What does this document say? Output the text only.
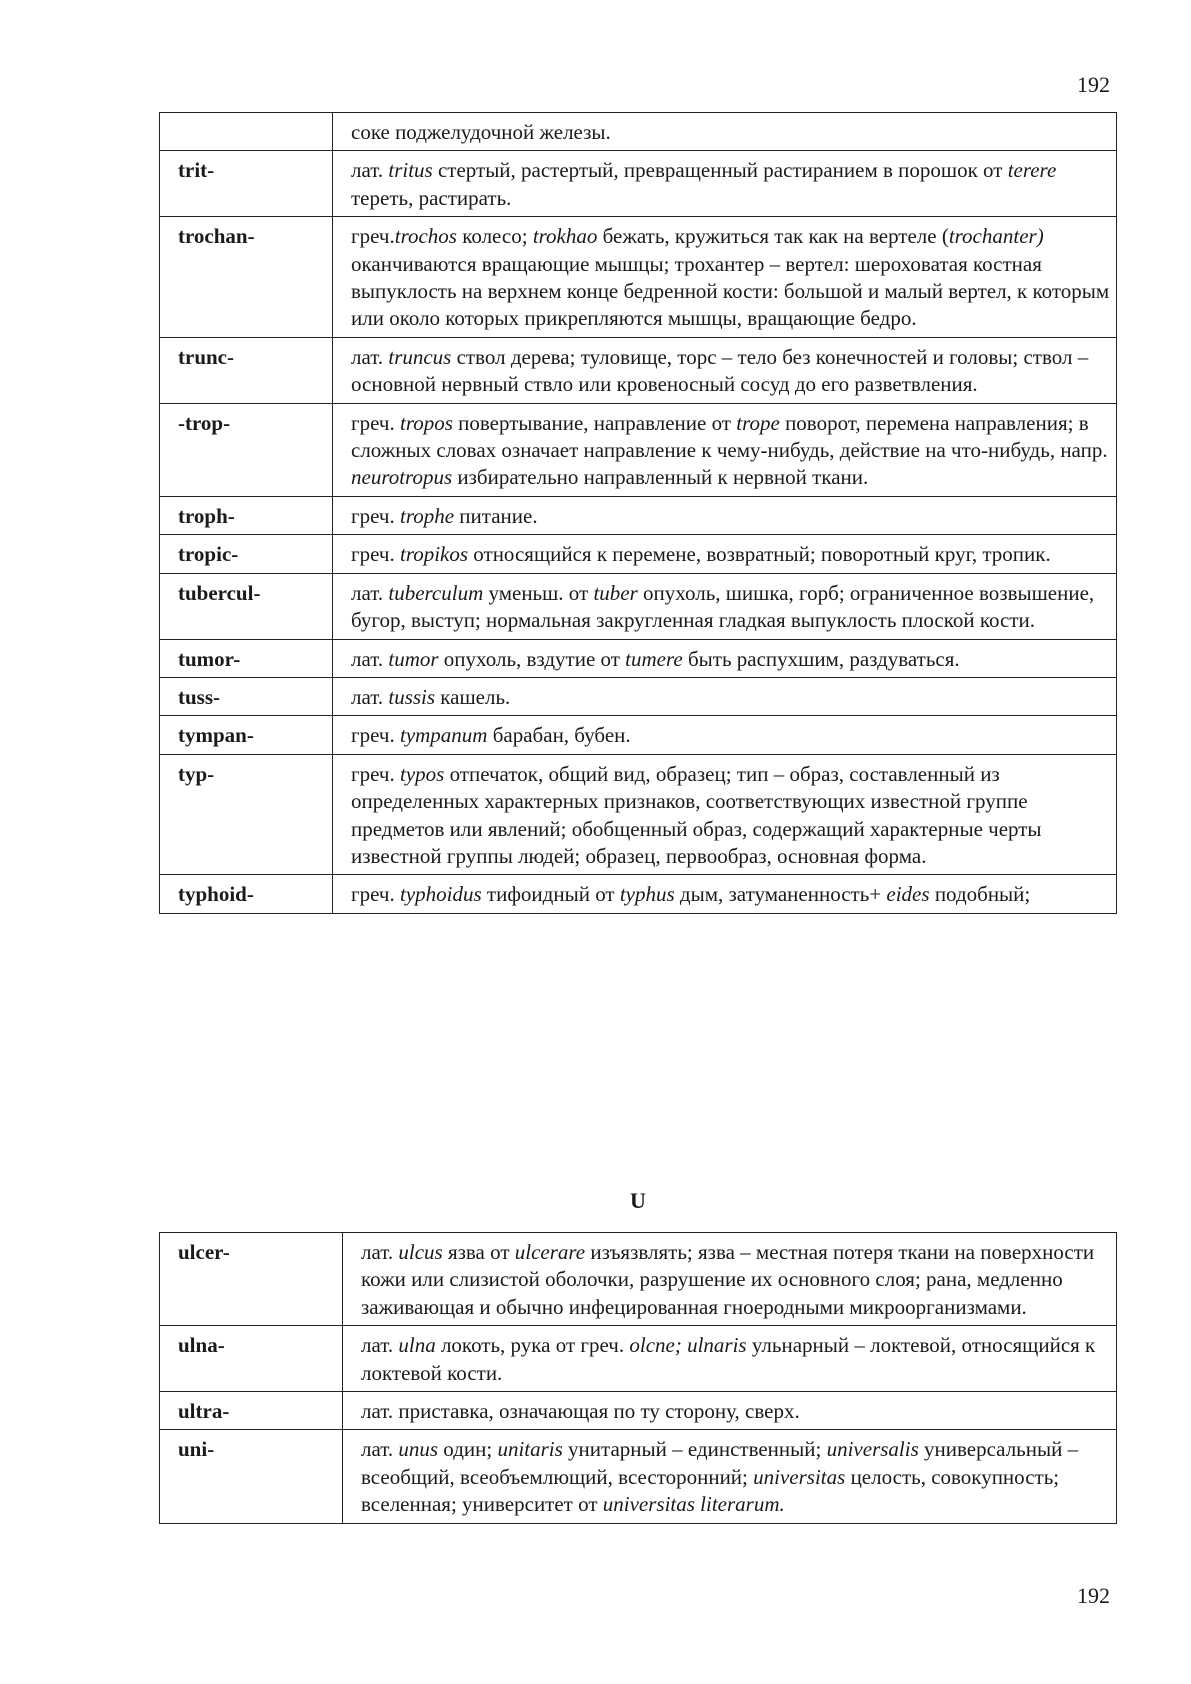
192
	соке поджелудочной железы.
trit-	лат. tritus стертый, растертый, превращенный растиранием в порошок от terere тереть, растирать.
trochan-	греч.trochos колесо; trokhao бежать, кружиться так как на вертеле (trochanter) оканчиваются вращающие мышцы; трохантер – вертел: шероховатая костная выпуклость на верхнем конце бедренной кости: большой и малый вертел, к которым или около которых прикрепляются мышцы, вращающие бедро.
trunc-	лат. truncus ствол дерева; туловище, торс – тело без конечностей и головы; ствол – основной нервный ствло или кровеносный сосуд до его разветвления.
-trop-	греч. tropos повертывание, направление от trope поворот, перемена направления; в сложных словах означает направление к чему-нибудь, действие на что-нибудь, напр. neurotropus избирательно направленный к нервной ткани.
troph-	греч. trophe питание.
tropic-	греч. tropikos относящийся к перемене, возвратный; поворотный круг, тропик.
tubercul-	лат. tuberculum уменьш. от tuber опухоль, шишка, горб; ограниченное возвышение, бугор, выступ; нормальная закругленная гладкая выпуклость плоской кости.
tumor-	лат. tumor опухоль, вздутие от tumere быть распухшим, раздуваться.
tuss-	лат. tussis кашель.
tympan-	греч. tympanum барабан, бубен.
typ-	греч. typos отпечаток, общий вид, образец; тип – образ, составленный из определенных характерных признаков, соответствующих известной группе предметов или явлений; обобщенный образ, содержащий характерные черты известной группы людей; образец, первообраз, основная форма.
typhoid-	греч. typhoidus тифоидный от typhus дым, затуманенность+ eides подобный;
U
ulcer-	лат. ulcus язва от ulcerare изъязвлять; язва – местная потеря ткани на поверхности кожи или слизистой оболочки, разрушение их основного слоя; рана, медленно заживающая и обычно инфецированная гноеродными микроорганизмами.
ulna-	лат. ulna локоть, рука от греч. olcne; ulnaris ульнарный – локтевой, относящийся к локтевой кости.
ultra-	лат. приставка, означающая по ту сторону, сверх.
uni-	лат. unus один; unitaris унитарный – единственный; universalis универсальный – всеобщий, всеобъемлющий, всесторонний; universitas целость, совокупность; вселенная; университет от universitas literarum.
192
